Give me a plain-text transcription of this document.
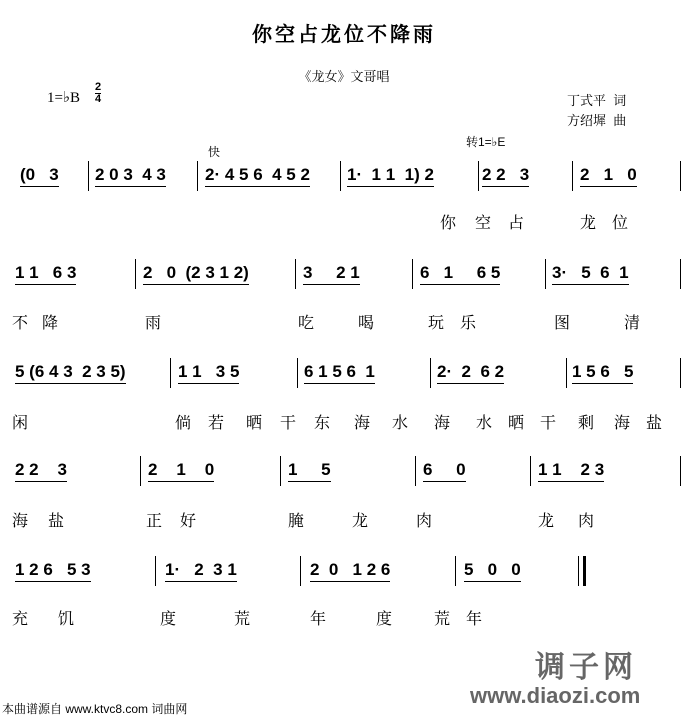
你空占龙位不降雨
《龙女》文哥唱
1=♭B $\frac{2}{4}$	丁式平  词
方绍墀  曲
快
转1=♭E
(0   3 2 0 3  4 3 2· 4 5 6  4 5 2 1·  1 1  1) 2	2 2   3	2   1   0
你 空 占	龙 位
1 1   6 3	2   0  (2 3 1 2)	3     2 1	6   1     6 5	3·   5  6  1
不 降	雨	吃	喝	玩 乐	图	清
5 (6 4 3  2 3 5)	1 1   3 5	6 1 5 6  1	2·  2  6 2	1 5 6   5
闲	倘 若 晒 干 东 海 水 海 水 晒 干 剩 海 盐
2 2    3	2    1    0	1     5	6     0	1 1    2 3
海 盐	正 好	腌	龙	肉	龙 肉
1 2 6   5 3	1·   2  3 1	2  0   1 2 6	5   0   0
充 饥	度	荒	年	度	荒 年
本曲谱源自 www.ktvc8.com 词曲网
调子网
www.diaozi.com
